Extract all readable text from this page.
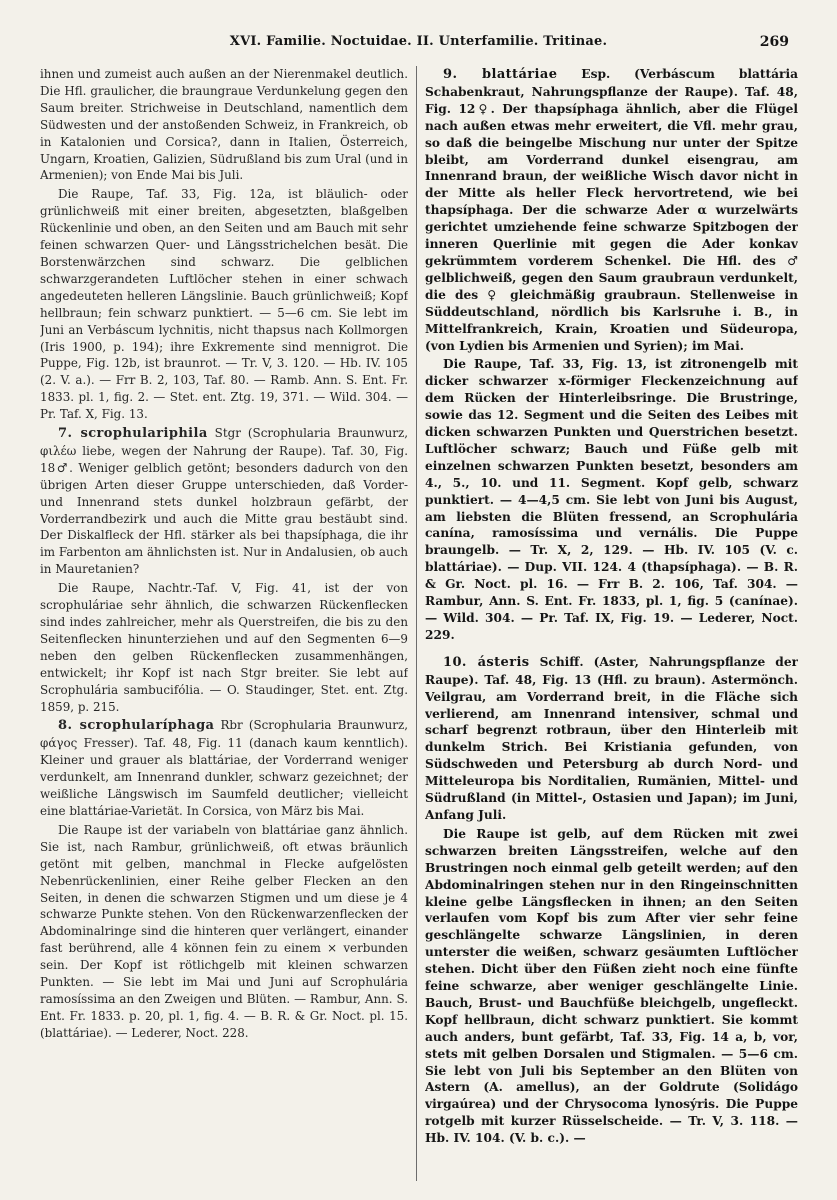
XVI. Familie. Noctuidae. II. Unterfamilie. Tritinae.	269

ihnen und zumeist auch außen an der Nierenmakel deutlich. Die Hfl. graulicher, die braungraue Verdunkelung gegen den Saum breiter. Strichweise in Deutschland, namentlich dem Südwesten und der anstoßenden Schweiz, in Frankreich, ob in Katalonien und Corsica?, dann in Italien, Österreich, Ungarn, Kroatien, Galizien, Südrußland bis zum Ural (und in Armenien); von Ende Mai bis Juli.

Die Raupe, Taf. 33, Fig. 12a, ist bläulich- oder grünlichweiß mit einer breiten, abgesetzten, blaßgelben Rückenlinie und oben, an den Seiten und am Bauch mit sehr feinen schwarzen Quer- und Längsstrichelchen besät. Die Borstenwärzchen sind schwarz. Die gelblichen schwarzgerandeten Luftlöcher stehen in einer schwach angedeuteten helleren Längslinie. Bauch grünlichweiß; Kopf hellbraun; fein schwarz punktiert. — 5—6 cm. Sie lebt im Juni an Verbáscum lychnitis, nicht thapsus nach Kollmorgen (Iris 1900, p. 194); ihre Exkremente sind mennigrot. Die Puppe, Fig. 12b, ist braunrot. — Tr. V, 3. 120. — Hb. IV. 105 (2. V. a.). — Frr B. 2, 103, Taf. 80. — Ramb. Ann. S. Ent. Fr. 1833. pl. 1, fig. 2. — Stet. ent. Ztg. 19, 371. — Wild. 304. — Pr. Taf. X, Fig. 13.

7. scrophulariphila Stgr (Scrophularia Braunwurz, φιλέω liebe, wegen der Nahrung der Raupe). Taf. 30, Fig. 18♂. Weniger gelblich getönt; besonders dadurch von den übrigen Arten dieser Gruppe unterschieden, daß Vorder- und Innenrand stets dunkel holzbraun gefärbt, der Vorderrandbezirk und auch die Mitte grau bestäubt sind. Der Diskalfleck der Hfl. stärker als bei thapsíphaga, die ihr im Farbenton am ähnlichsten ist. Nur in Andalusien, ob auch in Mauretanien?

Die Raupe, Nachtr.-Taf. V, Fig. 41, ist der von scrophuláriae sehr ähnlich, die schwarzen Rückenflecken sind indes zahlreicher, mehr als Querstreifen, die bis zu den Seitenflecken hinunterziehen und auf den Segmenten 6—9 neben den gelben Rückenflecken zusammenhängen, entwickelt; ihr Kopf ist nach Stgr breiter. Sie lebt auf Scrophulária sambucifólia. — O. Staudinger, Stet. ent. Ztg. 1859, p. 215.

8. scrophularíphaga Rbr (Scrophularia Braunwurz, φάγος Fresser). Taf. 48, Fig. 11 (danach kaum kenntlich). Kleiner und grauer als blattáriae, der Vorderrand weniger verdunkelt, am Innenrand dunkler, schwarz gezeichnet; der weißliche Längswisch im Saumfeld deutlicher; vielleicht eine blattáriae-Varietät. In Corsica, von März bis Mai.

Die Raupe ist der variabeln von blattáriae ganz ähnlich. Sie ist, nach Rambur, grünlichweiß, oft etwas bräunlich getönt mit gelben, manchmal in Flecke aufgelösten Nebenrückenlinien, einer Reihe gelber Flecken an den Seiten, in denen die schwarzen Stigmen und um diese je 4 schwarze Punkte stehen. Von den Rückenwarzenflecken der Abdominalringe sind die hinteren quer verlängert, einander fast berührend, alle 4 können fein zu einem × verbunden sein. Der Kopf ist rötlichgelb mit kleinen schwarzen Punkten. — Sie lebt im Mai und Juni auf Scrophulária ramosíssima an den Zweigen und Blüten. — Rambur, Ann. S. Ent. Fr. 1833. p. 20, pl. 1, fig. 4. — B. R. & Gr. Noct. pl. 15. (blattáriae). — Lederer, Noct. 228.

9. blattáriae Esp. (Verbáscum blattária Schabenkraut, Nahrungspflanze der Raupe). Taf. 48, Fig. 12♀. Der thapsíphaga ähnlich, aber die Flügel nach außen etwas mehr erweitert, die Vfl. mehr grau, so daß die beingelbe Mischung nur unter der Spitze bleibt, am Vorderrand dunkel eisengrau, am Innenrand braun, der weißliche Wisch davor nicht in der Mitte als heller Fleck hervortretend, wie bei thapsíphaga. Der die schwarze Ader α wurzelwärts gerichtet umziehende feine schwarze Spitzbogen der inneren Querlinie mit gegen die Ader konkav gekrümmtem vorderem Schenkel. Die Hfl. des ♂ gelblichweiß, gegen den Saum graubraun verdunkelt, die des ♀ gleichmäßig graubraun. Stellenweise in Süddeutschland, nördlich bis Karlsruhe i. B., in Mittelfrankreich, Krain, Kroatien und Südeuropa, (von Lydien bis Armenien und Syrien); im Mai.

Die Raupe, Taf. 33, Fig. 13, ist zitronengelb mit dicker schwarzer x-förmiger Fleckenzeichnung auf dem Rücken der Hinterleibsringe. Die Brustringe, sowie das 12. Segment und die Seiten des Leibes mit dicken schwarzen Punkten und Querstrichen besetzt. Luftlöcher schwarz; Bauch und Füße gelb mit einzelnen schwarzen Punkten besetzt, besonders am 4., 5., 10. und 11. Segment. Kopf gelb, schwarz punktiert. — 4—4,5 cm. Sie lebt von Juni bis August, am liebsten die Blüten fressend, an Scrophulária canína, ramosíssima und vernális. Die Puppe braungelb. — Tr. X, 2, 129. — Hb. IV. 105 (V. c. blattáriae). — Dup. VII. 124. 4 (thapsíphaga). — B. R. & Gr. Noct. pl. 16. — Frr B. 2. 106, Taf. 304. — Rambur, Ann. S. Ent. Fr. 1833, pl. 1, fig. 5 (canínae). — Wild. 304. — Pr. Taf. IX, Fig. 19. — Lederer, Noct. 229.

10. ásteris Schiff. (Aster, Nahrungspflanze der Raupe). Taf. 48, Fig. 13 (Hfl. zu braun). Astermönch. Veilgrau, am Vorderrand breit, in die Fläche sich verlierend, am Innenrand intensiver, schmal und scharf begrenzt rotbraun, über den Hinterleib mit dunkelm Strich. Bei Kristiania gefunden, von Südschweden und Petersburg ab durch Nord- und Mitteleuropa bis Norditalien, Rumänien, Mittel- und Südrußland (in Mittel-, Ostasien und Japan); im Juni, Anfang Juli.

Die Raupe ist gelb, auf dem Rücken mit zwei schwarzen breiten Längsstreifen, welche auf den Brustringen noch einmal gelb geteilt werden; auf den Abdominalringen stehen nur in den Ringeinschnitten kleine gelbe Längsflecken in ihnen; an den Seiten verlaufen vom Kopf bis zum After vier sehr feine geschlängelte schwarze Längslinien, in deren unterster die weißen, schwarz gesäumten Luftlöcher stehen. Dicht über den Füßen zieht noch eine fünfte feine schwarze, aber weniger geschlängelte Linie. Bauch, Brust- und Bauchfüße bleichgelb, ungefleckt. Kopf hellbraun, dicht schwarz punktiert. Sie kommt auch anders, bunt gefärbt, Taf. 33, Fig. 14 a, b, vor, stets mit gelben Dorsalen und Stigmalen. — 5—6 cm. Sie lebt von Juli bis September an den Blüten von Astern (A. amellus), an der Goldrute (Solidágo virgaúrea) und der Chrysocoma lynosýris. Die Puppe rotgelb mit kurzer Rüsselscheide. — Tr. V, 3. 118. — Hb. IV. 104. (V. b. c.). —
